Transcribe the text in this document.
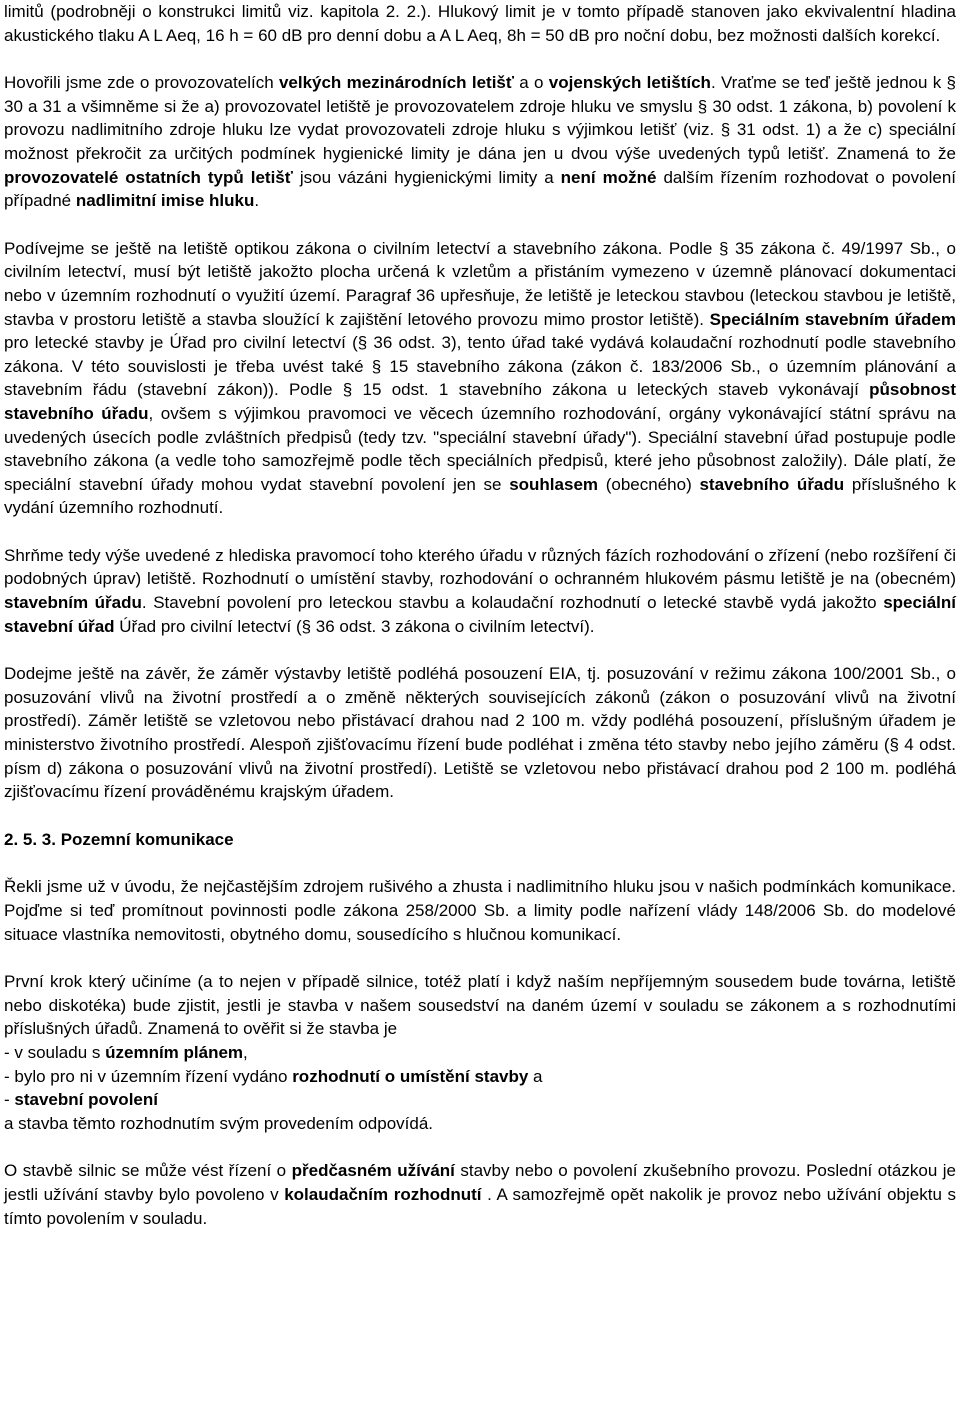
limitů (podrobněji o konstrukci limitů viz. kapitola 2. 2.). Hlukový limit je v tomto případě stanoven jako ekvivalentní hladina akustického tlaku A L Aeq, 16 h = 60 dB pro denní dobu a A L Aeq, 8h = 50 dB pro noční dobu, bez možnosti dalších korekcí.
Hovořili jsme zde o provozovatelích velkých mezinárodních letišť a o vojenských letištích. Vraťme se teď ještě jednou k § 30 a 31 a všimněme si že a) provozovatel letiště je provozovatelem zdroje hluku ve smyslu § 30 odst. 1 zákona, b) povolení k provozu nadlimitního zdroje hluku lze vydat provozovateli zdroje hluku s výjimkou letišť (viz. § 31 odst. 1) a že c) speciální možnost překročit za určitých podmínek hygienické limity je dána jen u dvou výše uvedených typů letišť. Znamená to že provozovatelé ostatních typů letišť jsou vázáni hygienickými limity a není možné dalším řízením rozhodovat o povolení případné nadlimitní imise hluku.
Podívejme se ještě na letiště optikou zákona o civilním letectví a stavebního zákona. Podle § 35 zákona č. 49/1997 Sb., o civilním letectví, musí být letiště jakožto plocha určená k vzletům a přistáním vymezeno v územně plánovací dokumentaci nebo v územním rozhodnutí o využití území. Paragraf 36 upřesňuje, že letiště je leteckou stavbou (leteckou stavbou je letiště, stavba v prostoru letiště a stavba sloužící k zajištění letového provozu mimo prostor letiště). Speciálním stavebním úřadem pro letecké stavby je Úřad pro civilní letectví (§ 36 odst. 3), tento úřad také vydává kolaudační rozhodnutí podle stavebního zákona. V této souvislosti je třeba uvést také § 15 stavebního zákona (zákon č. 183/2006 Sb., o územním plánování a stavebním řádu (stavební zákon)). Podle § 15 odst. 1 stavebního zákona u leteckých staveb vykonávají působnost stavebního úřadu, ovšem s výjimkou pravomoci ve věcech územního rozhodování, orgány vykonávající státní správu na uvedených úsecích podle zvláštních předpisů (tedy tzv. "speciální stavební úřady"). Speciální stavební úřad postupuje podle stavebního zákona (a vedle toho samozřejmě podle těch speciálních předpisů, které jeho působnost založily). Dále platí, že speciální stavební úřady mohou vydat stavební povolení jen se souhlasem (obecného) stavebního úřadu příslušného k vydání územního rozhodnutí.
Shrňme tedy výše uvedené z hlediska pravomocí toho kterého úřadu v různých fázích rozhodování o zřízení (nebo rozšíření či podobných úprav) letiště. Rozhodnutí o umístění stavby, rozhodování o ochranném hlukovém pásmu letiště je na (obecném) stavebním úřadu. Stavební povolení pro leteckou stavbu a kolaudační rozhodnutí o letecké stavbě vydá jakožto speciální stavební úřad Úřad pro civilní letectví (§ 36 odst. 3 zákona o civilním letectví).
Dodejme ještě na závěr, že záměr výstavby letiště podléhá posouzení EIA, tj. posuzování v režimu zákona 100/2001 Sb., o posuzování vlivů na životní prostředí a o změně některých souvisejících zákonů (zákon o posuzování vlivů na životní prostředí). Záměr letiště se vzletovou nebo přistávací drahou nad 2 100 m. vždy podléhá posouzení, příslušným úřadem je ministerstvo životního prostředí. Alespoň zjišťovacímu řízení bude podléhat i změna této stavby nebo jejího záměru (§ 4 odst. písm d) zákona o posuzování vlivů na životní prostředí). Letiště se vzletovou nebo přistávací drahou pod 2 100 m. podléhá zjišťovacímu řízení prováděnému krajským úřadem.
2. 5. 3. Pozemní komunikace
Řekli jsme už v úvodu, že nejčastějším zdrojem rušivého a zhusta i nadlimitního hluku jsou v našich podmínkách komunikace. Pojďme si teď promítnout povinnosti podle zákona 258/2000 Sb. a limity podle nařízení vlády 148/2006 Sb. do modelové situace vlastníka nemovitosti, obytného domu, sousedícího s hlučnou komunikací.
První krok který učiníme (a to nejen v případě silnice, totéž platí i když naším nepříjemným sousedem bude továrna, letiště nebo diskotéka) bude zjistit, jestli je stavba v našem sousedství na daném území v souladu se zákonem a s rozhodnutími příslušných úřadů. Znamená to ověřit si že stavba je
- v souladu s územním plánem,
- bylo pro ni v územním řízení vydáno rozhodnutí o umístění stavby a
- stavební povolení
a stavba těmto rozhodnutím svým provedením odpovídá.
O stavbě silnic se může vést řízení o předčasném užívání stavby nebo o povolení zkušebního provozu. Poslední otázkou je jestli užívání stavby bylo povoleno v kolaudačním rozhodnutí . A samozřejmě opět nakolik je provoz nebo užívání objektu s tímto povolením v souladu.
